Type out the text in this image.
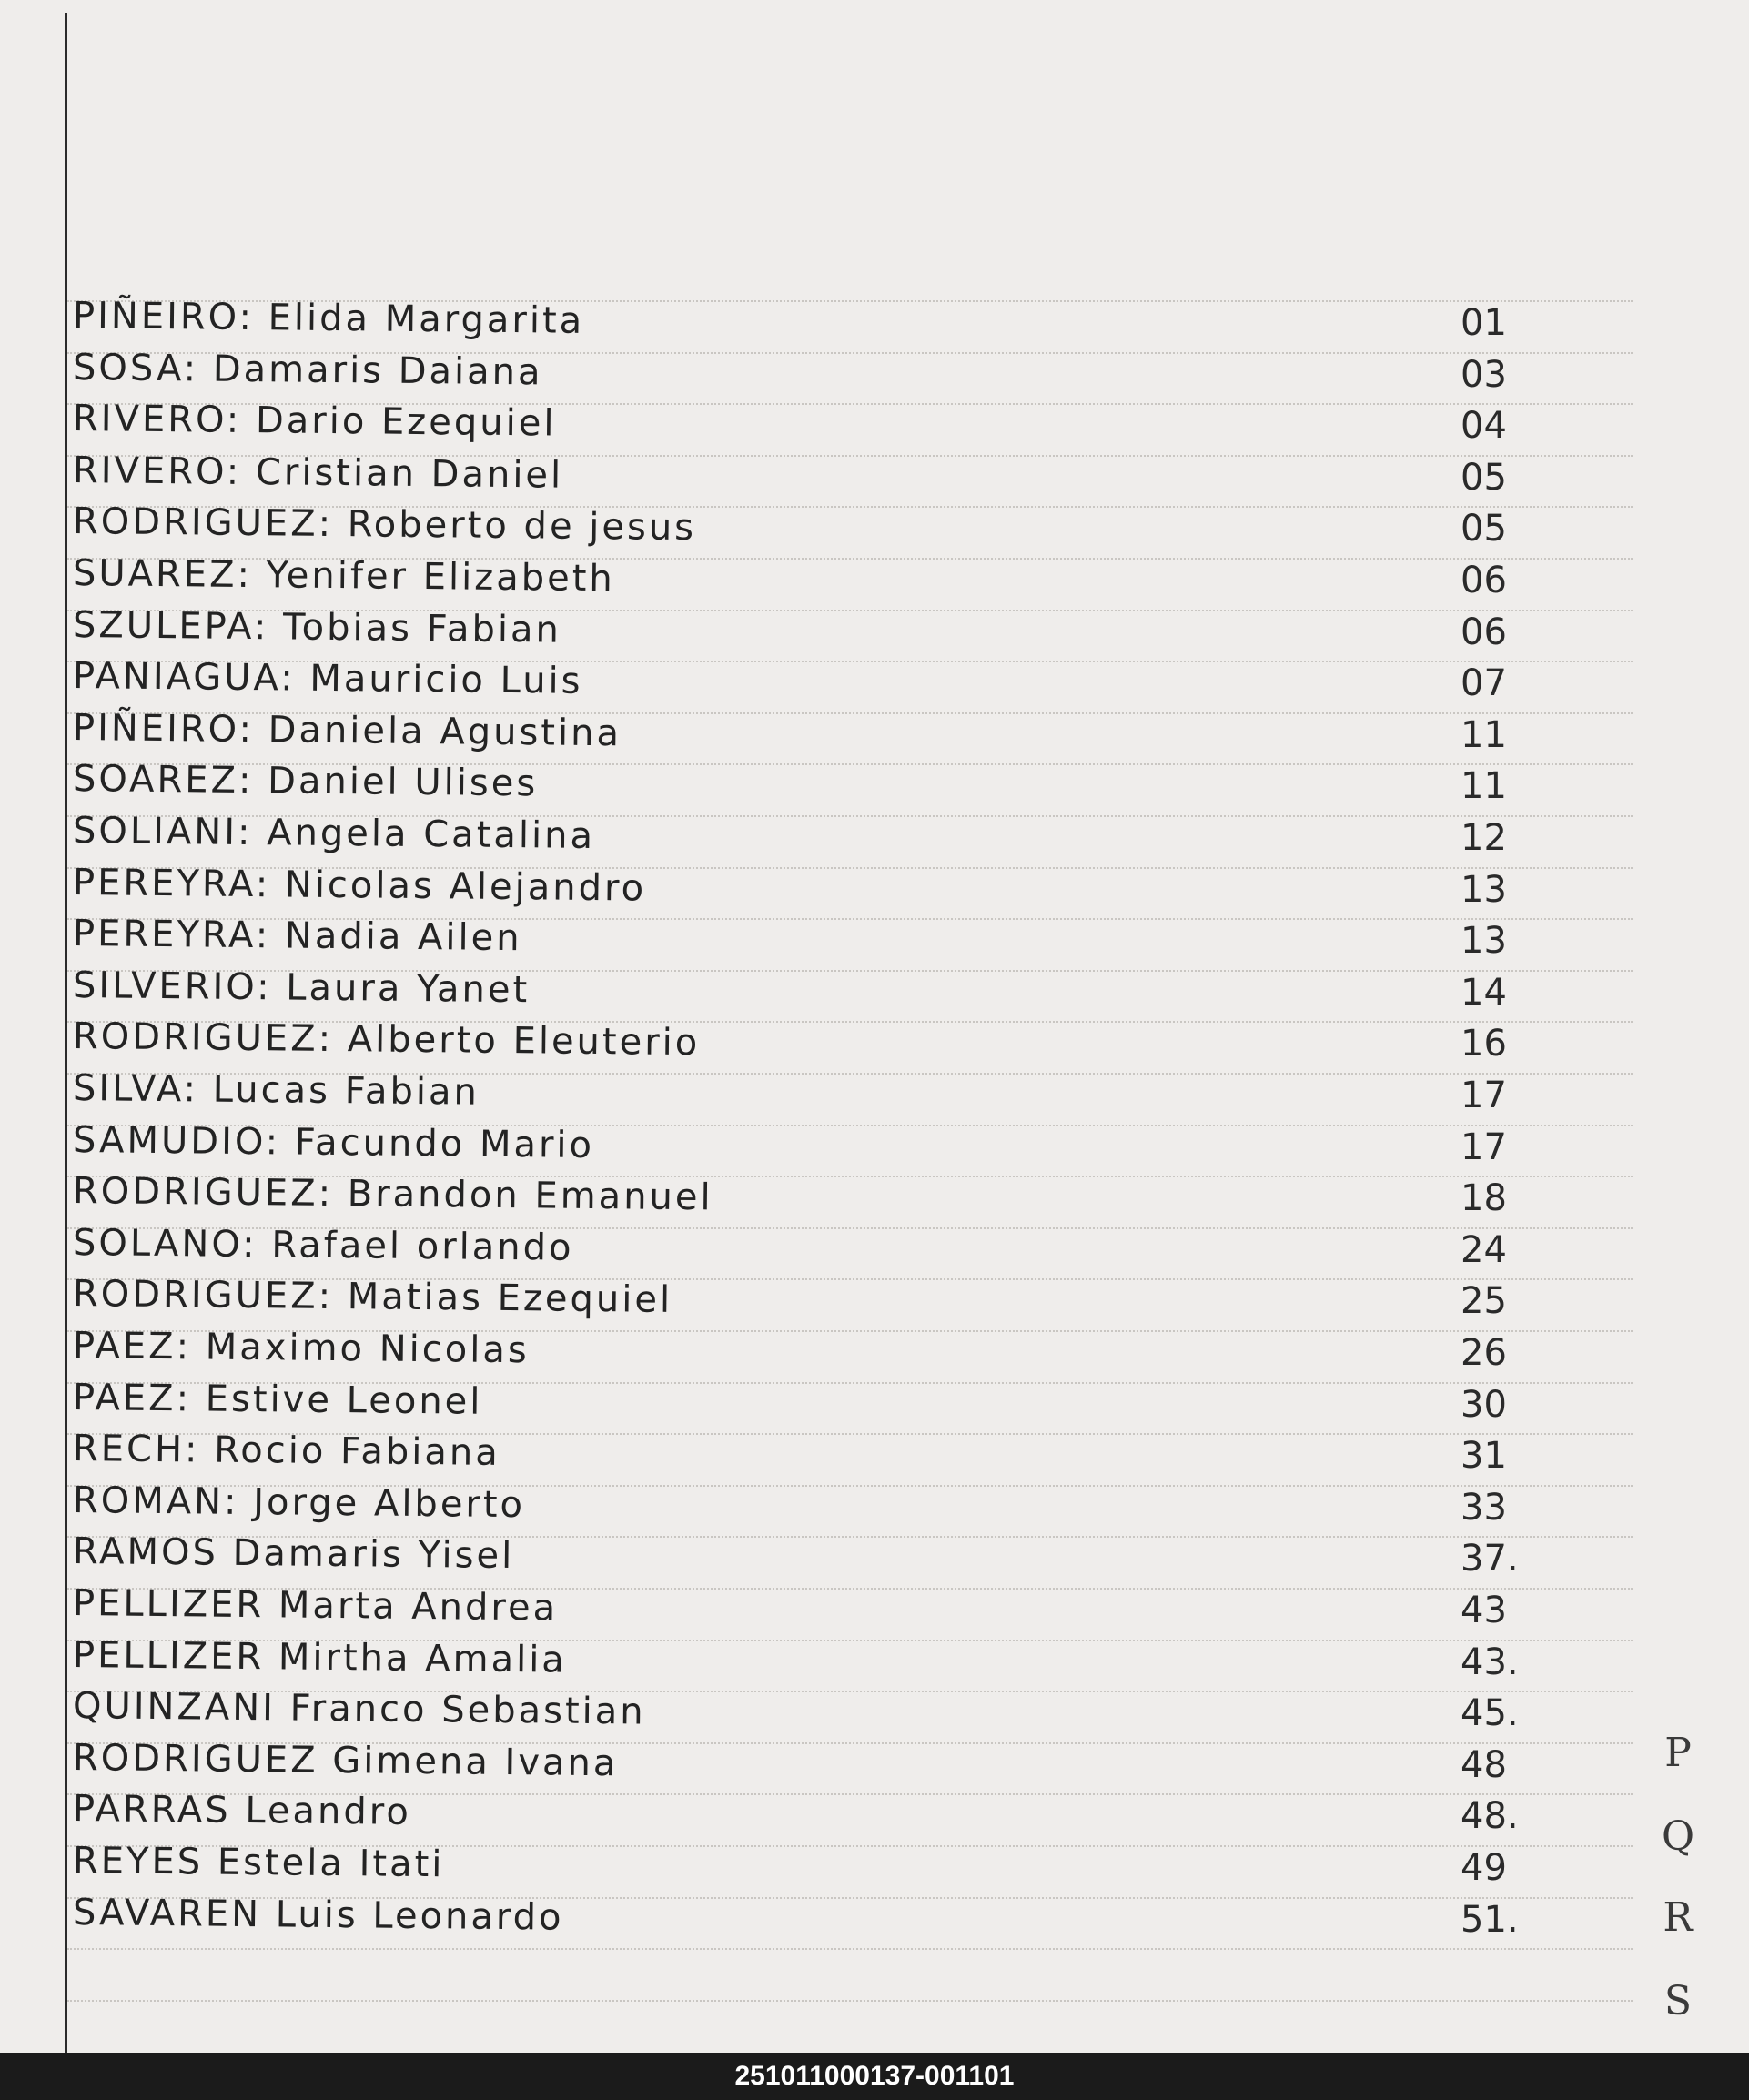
PIÑEIRO: Elida Margarita	01
SOSA: Damaris Daiana	03
RIVERO: Dario Ezequiel	04
RIVERO: Cristian Daniel	05
RODRIGUEZ: Roberto de jesus	05
SUAREZ: Yenifer Elizabeth	06
SZULEPA: Tobias Fabian	06
PANIAGUA: Mauricio Luis	07
PIÑEIRO: Daniela Agustina	11
SOAREZ: Daniel Ulises	11
SOLIANI: Angela Catalina	12
PEREYRA: Nicolas Alejandro	13
PEREYRA: Nadia Ailen	13
SILVERIO: Laura Yanet	14
RODRIGUEZ: Alberto Eleuterio	16
SILVA: Lucas Fabian	17
SAMUDIO: Facundo Mario	17
RODRIGUEZ: Brandon Emanuel	18
SOLANO: Rafael orlando	24
RODRIGUEZ: Matias Ezequiel	25
PAEZ: Maximo Nicolas	26
PAEZ: Estive Leonel	30
RECH: Rocio Fabiana	31
ROMAN: Jorge Alberto	33
RAMOS Damaris Yisel	37.
PELLIZER Marta Andrea	43
PELLIZER Mirtha Amalia	43.
QUINZANI Franco Sebastian	45.
RODRIGUEZ Gimena Ivana	48
PARRAS Leandro	48.
REYES Estela Itati	49
SAVAREN Luis Leonardo	51.
P
Q
R
S
251011000137-001101
